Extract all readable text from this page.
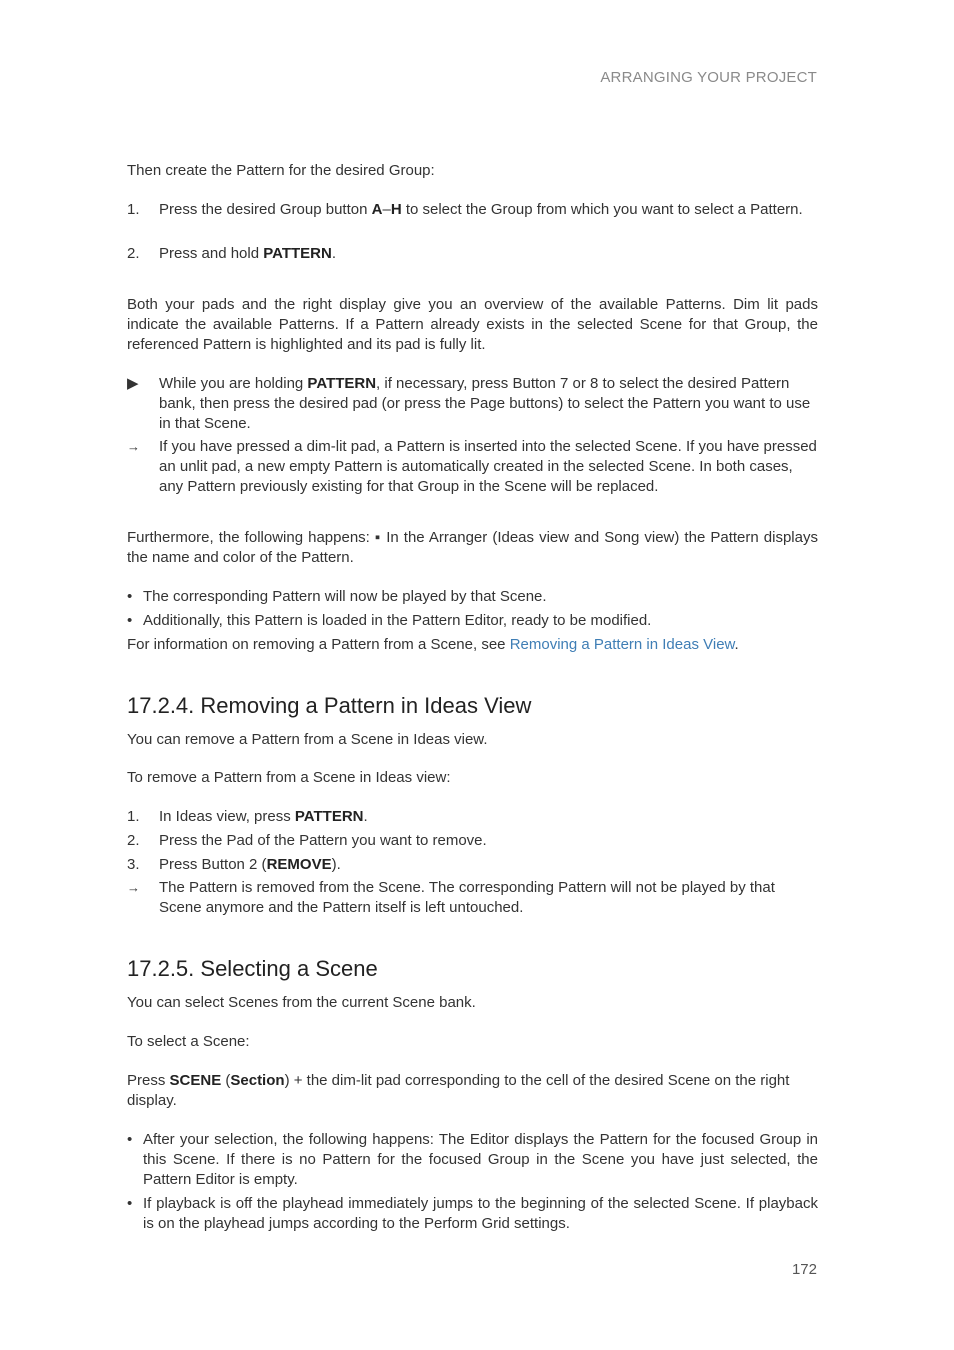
ARRANGING YOUR PROJECT

Then create the Pattern for the desired Group:

1.	Press the desired Group button A–H to select the Group from which you want to select a Pattern.
2.	Press and hold PATTERN.

Both your pads and the right display give you an overview of the available Patterns. Dim lit pads indicate the available Patterns. If a Pattern already exists in the selected Scene for that Group, the referenced Pattern is highlighted and its pad is fully lit.

▶	While you are holding PATTERN, if necessary, press Button 7 or 8 to select the desired Pattern bank, then press the desired pad (or press the Page buttons) to select the Pattern you want to use in that Scene.
→	If you have pressed a dim-lit pad, a Pattern is inserted into the selected Scene. If you have pressed an unlit pad, a new empty Pattern is automatically created in the selected Scene. In both cases, any Pattern previously existing for that Group in the Scene will be replaced.

Furthermore, the following happens: ▪ In the Arranger (Ideas view and Song view) the Pattern displays the name and color of the Pattern.

• The corresponding Pattern will now be played by that Scene.
• Additionally, this Pattern is loaded in the Pattern Editor, ready to be modified.

For information on removing a Pattern from a Scene, see Removing a Pattern in Ideas View.

17.2.4. Removing a Pattern in Ideas View

You can remove a Pattern from a Scene in Ideas view.

To remove a Pattern from a Scene in Ideas view:

1.	In Ideas view, press PATTERN.
2.	Press the Pad of the Pattern you want to remove.
3.	Press Button 2 (REMOVE).
→	The Pattern is removed from the Scene. The corresponding Pattern will not be played by that Scene anymore and the Pattern itself is left untouched.
17.2.5. Selecting a Scene

You can select Scenes from the current Scene bank.

To select a Scene:

Press SCENE (Section) + the dim-lit pad corresponding to the cell of the desired Scene on the right display.

• After your selection, the following happens: The Editor displays the Pattern for the focused Group in this Scene. If there is no Pattern for the focused Group in the Scene you have just selected, the Pattern Editor is empty.
• If playback is off the playhead immediately jumps to the beginning of the selected Scene. If playback is on the playhead jumps according to the Perform Grid settings.
172
